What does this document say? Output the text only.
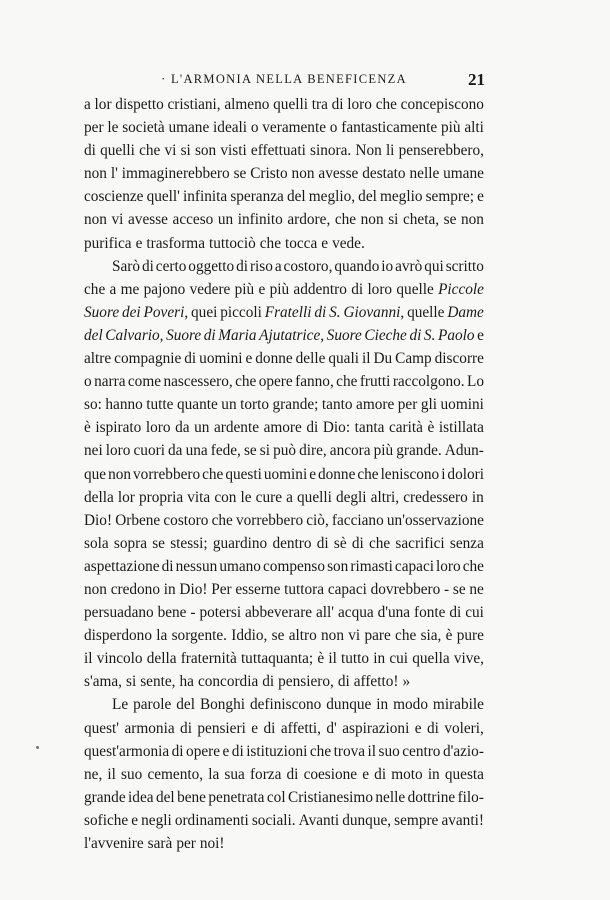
· L'ARMONIA NELLA BENEFICENZA	21
a lor dispetto cristiani, almeno quelli tra di loro che concepiscono
per le società umane ideali o veramente o fantasticamente più alti
di quelli che vi si son visti effettuati sinora. Non li penserebbero,
non l' immaginerebbero se Cristo non avesse destato nelle umane
coscienze quell' infinita speranza del meglio, del meglio sempre; e
non vi avesse acceso un infinito ardore, che non si cheta, se non
purifica e trasforma tuttociò che tocca e vede.
Sarò di certo oggetto di riso a costoro, quando io avrò qui scritto
che a me pajono vedere più e più addentro di loro quelle Piccole
Suore dei Poveri, quei piccoli Fratelli di S. Giovanni, quelle Dame
del Calvario, Suore di Maria Ajutatrice, Suore Cieche di S. Paolo e
altre compagnie di uomini e donne delle quali il Du Camp discorre
o narra come nascessero, che opere fanno, che frutti raccolgono. Lo
so: hanno tutte quante un torto grande; tanto amore per gli uomini
è ispirato loro da un ardente amore di Dio: tanta carità è istillata
nei loro cuori da una fede, se si può dire, ancora più grande. Adun-
que non vorrebbero che questi uomini e donne che leniscono i dolori
della lor propria vita con le cure a quelli degli altri, credessero in
Dio! Orbene costoro che vorrebbero ciò, facciano un'osservazione
sola sopra se stessi; guardino dentro di sè di che sacrifici senza
aspettazione di nessun umano compenso son rimasti capaci loro che
non credono in Dio! Per esserne tuttora capaci dovrebbero - se ne
persuadano bene - potersi abbeverare all' acqua d'una fonte di cui
disperdono la sorgente. Iddio, se altro non vi pare che sia, è pure
il vincolo della fraternità tuttaquanta; è il tutto in cui quella vive,
s'ama, si sente, ha concordia di pensiero, di affetto! »
Le parole del Bonghi definiscono dunque in modo mirabile
quest' armonia di pensieri e di affetti, d' aspirazioni e di voleri,
quest'armonia di opere e di istituzioni che trova il suo centro d'azio-
ne, il suo cemento, la sua forza di coesione e di moto in questa
grande idea del bene penetrata col Cristianesimo nelle dottrine filo-
sofiche e negli ordinamenti sociali. Avanti dunque, sempre avanti!
l'avvenire sarà per noi!
